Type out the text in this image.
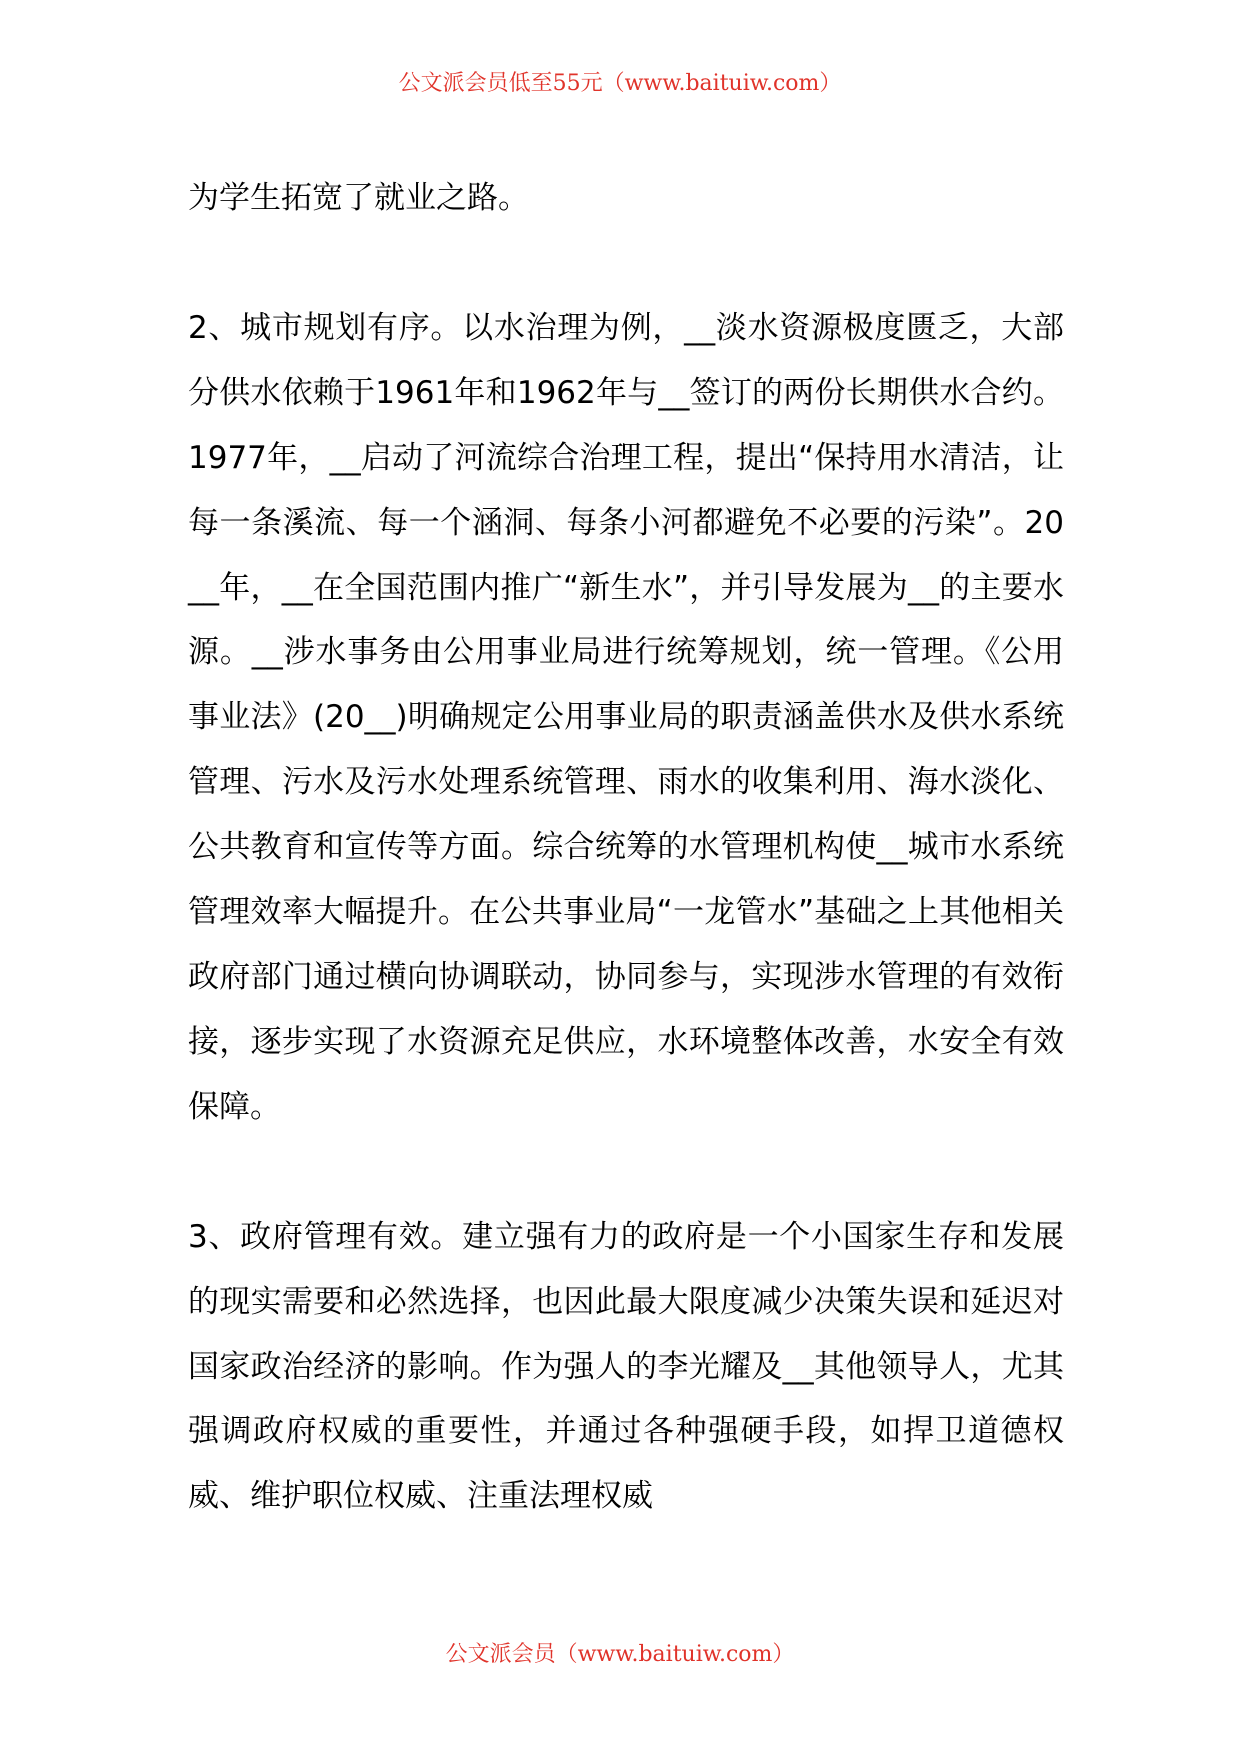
公文派会员低至55元（www.baituiw.com）

为学生拓宽了就业之路。

2、城市规划有序。以水治理为例，__淡水资源极度匮乏，大部分供水依赖于1961年和1962年与__签订的两份长期供水合约。1977年，__启动了河流综合治理工程，提出“保持用水清洁，让每一条溪流、每一个涵洞、每条小河都避免不必要的污染”。20__年，__在全国范围内推广“新生水”，并引导发展为__的主要水源。__涉水事务由公用事业局进行统筹规划，统一管理。《公用事业法》(20__)明确规定公用事业局的职责涵盖供水及供水系统管理、污水及污水处理系统管理、雨水的收集利用、海水淡化、公共教育和宣传等方面。综合统筹的水管理机构使__城市水系统管理效率大幅提升。在公共事业局“一龙管水”基础之上其他相关政府部门通过横向协调联动，协同参与，实现涉水管理的有效衔接，逐步实现了水资源充足供应，水环境整体改善，水安全有效保障。

3、政府管理有效。建立强有力的政府是一个小国家生存和发展的现实需要和必然选择，也因此最大限度减少决策失误和延迟对国家政治经济的影响。作为强人的李光耀及__其他领导人，尤其强调政府权威的重要性，并通过各种强硬手段，如捍卫道德权威、维护职位权威、注重法理权威

公文派会员（www.baituiw.com）
